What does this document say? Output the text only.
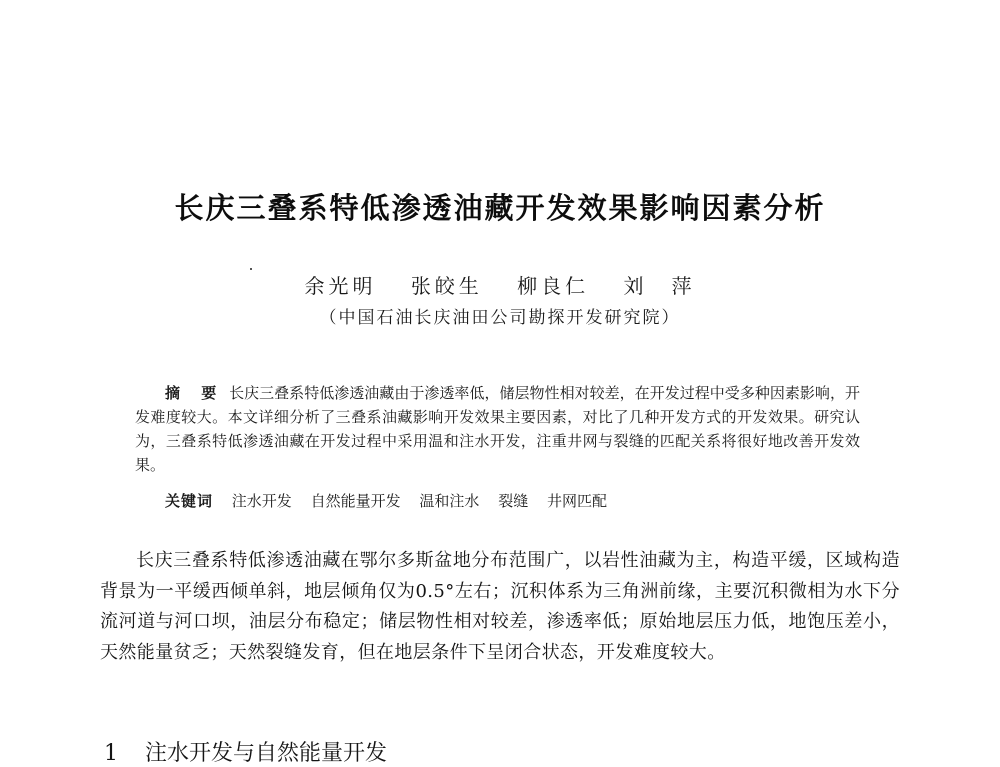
长庆三叠系特低渗透油藏开发效果影响因素分析
余光明 张皎生 柳良仁 刘　萍
（中国石油长庆油田公司勘探开发研究院）
摘 要 长庆三叠系特低渗透油藏由于渗透率低，储层物性相对较差，在开发过程中受多种因素影响，开发难度较大。本文详细分析了三叠系油藏影响开发效果主要因素，对比了几种开发方式的开发效果。研究认为，三叠系特低渗透油藏在开发过程中采用温和注水开发，注重井网与裂缝的匹配关系将很好地改善开发效果。
关键词 注水开发 自然能量开发 温和注水 裂缝 井网匹配
长庆三叠系特低渗透油藏在鄂尔多斯盆地分布范围广，以岩性油藏为主，构造平缓，区域构造背景为一平缓西倾单斜，地层倾角仅为0.5°左右；沉积体系为三角洲前缘，主要沉积微相为水下分流河道与河口坝，油层分布稳定；储层物性相对较差，渗透率低；原始地层压力低，地饱压差小，天然能量贫乏；天然裂缝发育，但在地层条件下呈闭合状态，开发难度较大。
1 注水开发与自然能量开发
